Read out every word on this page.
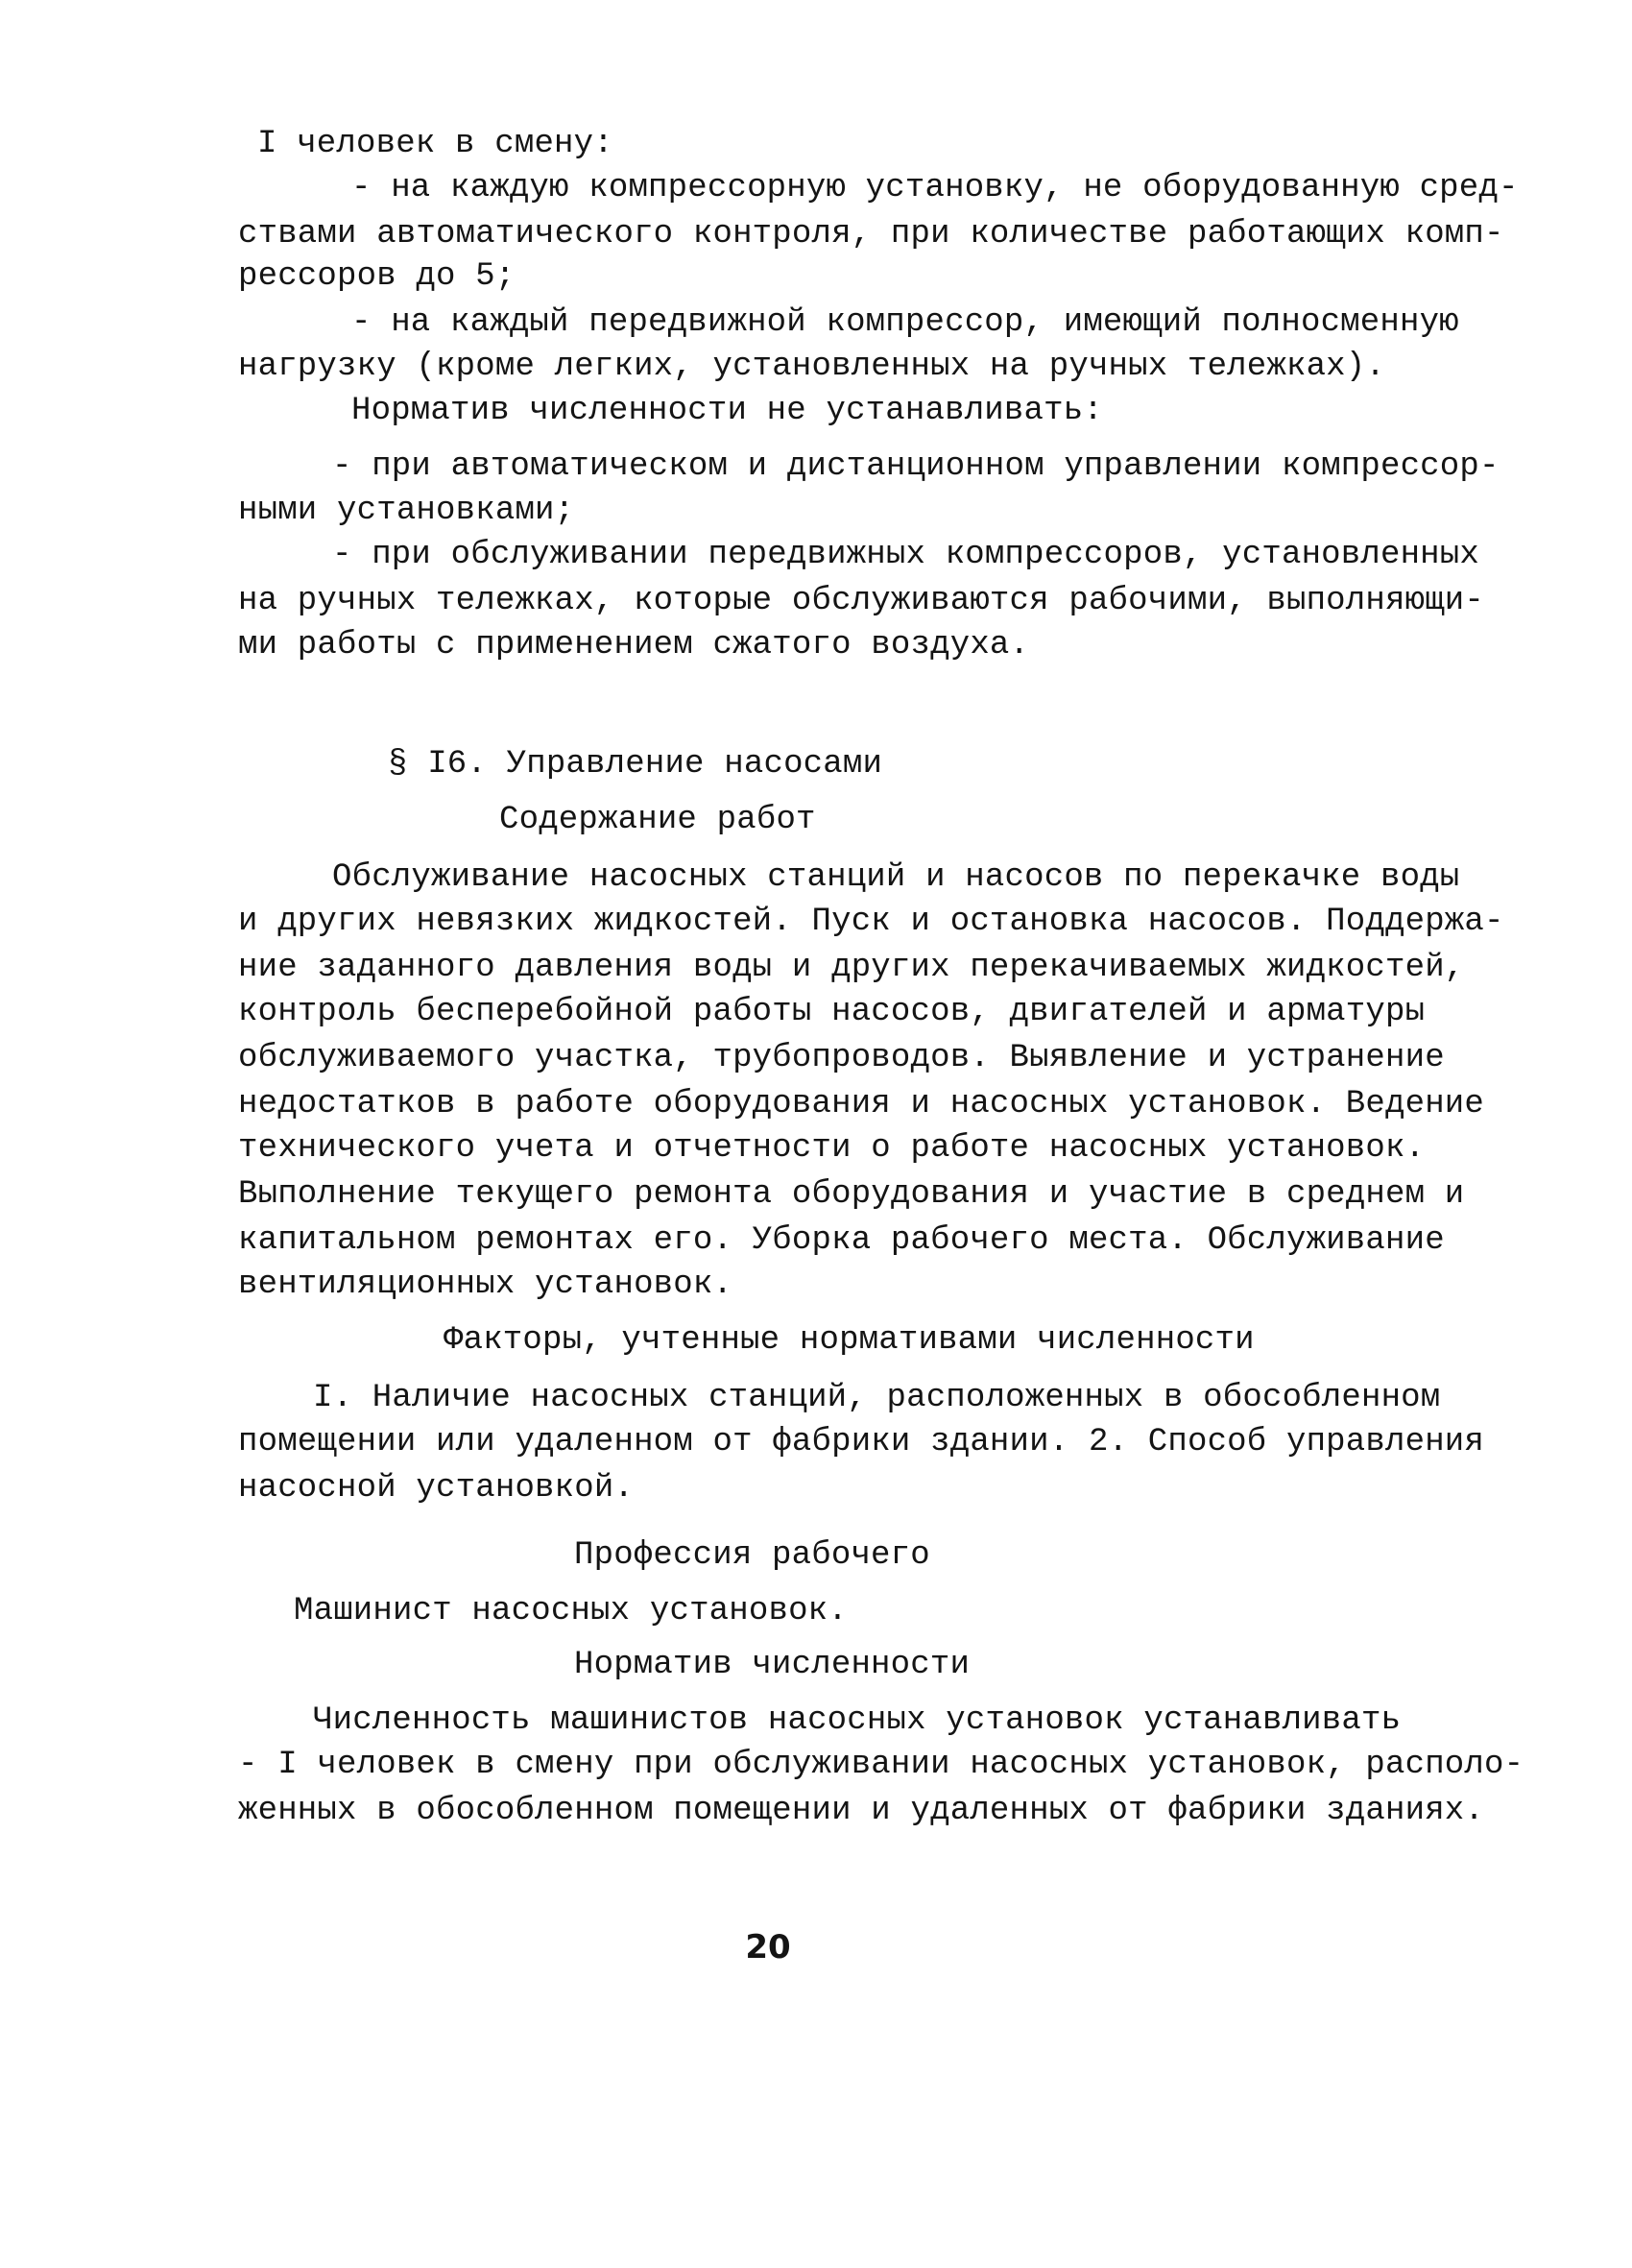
I человек в смену:
- на каждую компрессорную установку, не оборудованную сред-
ствами автоматического контроля, при количестве работающих комп-
рессоров до 5;
- на каждый передвижной компрессор, имеющий полносменную
нагрузку (кроме легких, установленных на ручных тележках).
Норматив численности не устанавливать:
- при автоматическом и дистанционном управлении компрессор-
ными установками;
- при обслуживании передвижных компрессоров, установленных
на ручных тележках, которые обслуживаются рабочими, выполняющи-
ми работы с применением сжатого воздуха.
§ I6. Управление насосами
Содержание работ
Обслуживание насосных станций и насосов по перекачке воды
и других невязких жидкостей. Пуск и остановка насосов. Поддержа-
ние заданного давления воды и других перекачиваемых жидкостей,
контроль бесперебойной работы насосов, двигателей и арматуры
обслуживаемого участка, трубопроводов. Выявление и устранение
недостатков в работе оборудования и насосных установок. Ведение
технического учета и отчетности о работе насосных установок.
Выполнение текущего ремонта оборудования и участие в среднем и
капитальном ремонтах его. Уборка рабочего места. Обслуживание
вентиляционных установок.
Факторы, учтенные нормативами численности
I. Наличие насосных станций, расположенных в обособленном
помещении или удаленном от фабрики здании. 2. Способ управления
насосной установкой.
Профессия рабочего
Машинист насосных установок.
Норматив численности
Численность машинистов насосных установок устанавливать
- I человек в смену при обслуживании насосных установок, располо-
женных в обособленном помещении и удаленных от фабрики зданиях.
20
